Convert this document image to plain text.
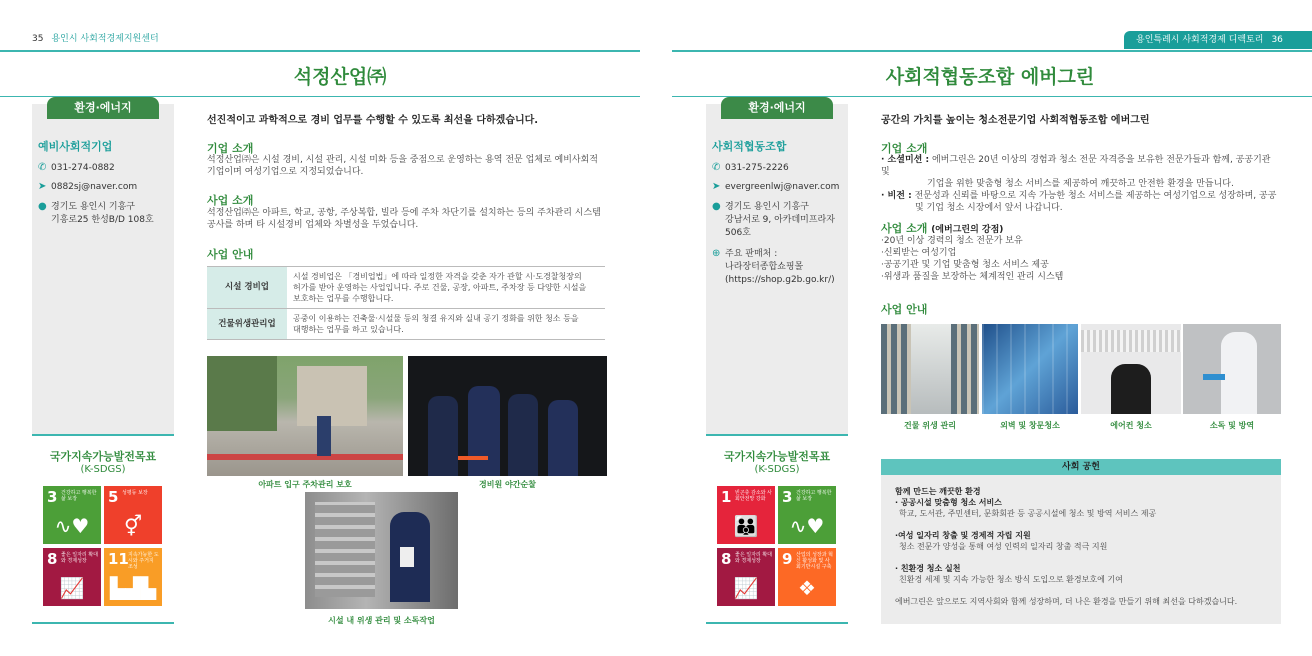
35 용인시 사회적경제지원센터	용인특례시 사회적경제 디렉토리 36
석정산업㈜
환경·에너지
예비사회적기업
✆ 031-274-0882
➤ 0882sj@naver.com
● 경기도 용인시 기흥구
기흥로25 한성B/D 108호
국가지속가능발전목표
(K-SDGS)
3 건강하고 행복한 삶 보장
∿♥
5 성평등 보장
⚥
8 좋은 일자리 확대와 경제성장
📈
11 지속가능한 도시와 주거지 조성
▙▟▙
선진적이고 과학적으로 경비 업무를 수행할 수 있도록 최선을 다하겠습니다.
기업 소개
석정산업㈜은 시설 경비, 시설 관리, 시설 미화 등을 중점으로 운영하는 용역 전문 업체로 예비사회적
기업이며 여성기업으로 지정되었습니다.
사업 소개
석정산업㈜은 아파트, 학교, 공항, 주상복합, 빌라 등에 주차 차단기를 설치하는 등의 주차관리 시스템
공사를 하며 타 시설경비 업체와 차별성을 두었습니다.
사업 안내
시설 경비업	시설 경비업은 「경비업법」에 따라 일정한 자격을 갖춘 자가 관할 시·도경찰청장의
허가를 받아 운영하는 사업입니다. 주로 건물, 공장, 아파트, 주차장 등 다양한 시설을
보호하는 업무를 수행합니다.
건물위생관리업	공중이 이용하는 건축물·시설물 등의 청결 유지와 실내 공기 정화를 위한 청소 등을
대행하는 업무를 하고 있습니다.
아파트 입구 주차관리 보호	경비원 야간순찰
시설 내 위생 관리 및 소독작업
사회적협동조합 에버그린
환경·에너지
사회적협동조합
✆ 031-275-2226
➤ evergreenlwj@naver.com
● 경기도 용인시 기흥구
강남서로 9, 아카데미프라자
506호
⊕ 주요 판매처 :
나라장터종합쇼핑몰
(https://shop.g2b.go.kr/)
국가지속가능발전목표
(K-SDGS)
1 빈곤층 감소와 사회안전망 강화
👪
3 건강하고 행복한 삶 보장
∿♥
8 좋은 일자리 확대와 경제성장
📈
9 산업의 성장과 혁신 활성화 및 사회기반시설 구축
❖
공간의 가치를 높이는 청소전문기업 사회적협동조합 에버그린
기업 소개
· 소셜미션 : 에버그린은 20년 이상의 경험과 청소 전문 자격증을 보유한 전문가들과 함께, 공공기관 및
기업을 위한 맞춤형 청소 서비스를 제공하여 깨끗하고 안전한 환경을 만듭니다.
· 비전 : 전문성과 신뢰를 바탕으로 지속 가능한 청소 서비스를 제공하는 여성기업으로 성장하며, 공공
및 기업 청소 시장에서 앞서 나갑니다.
사업 소개 (에버그린의 강점)
·20년 이상 경력의 청소 전문가 보유
·신뢰받는 여성기업
·공공기관 및 기업 맞춤형 청소 서비스 제공
·위생과 품질을 보장하는 체계적인 관리 시스템
사업 안내
건물 위생 관리	외벽 및 창문청소	에어컨 청소	소독 및 방역
사회 공헌
함께 만드는 깨끗한 환경
· 공공시설 맞춤형 청소 서비스
학교, 도서관, 주민센터, 문화회관 등 공공시설에 청소 및 방역 서비스 제공

·여성 일자리 창출 및 경제적 자립 지원
청소 전문가 양성을 통해 여성 인력의 일자리 창출 적극 지원

· 친환경 청소 실천
친환경 세제 및 지속 가능한 청소 방식 도입으로 환경보호에 기여

에버그린은 앞으로도 지역사회와 함께 성장하며, 더 나은 환경을 만들기 위해 최선을 다하겠습니다.
